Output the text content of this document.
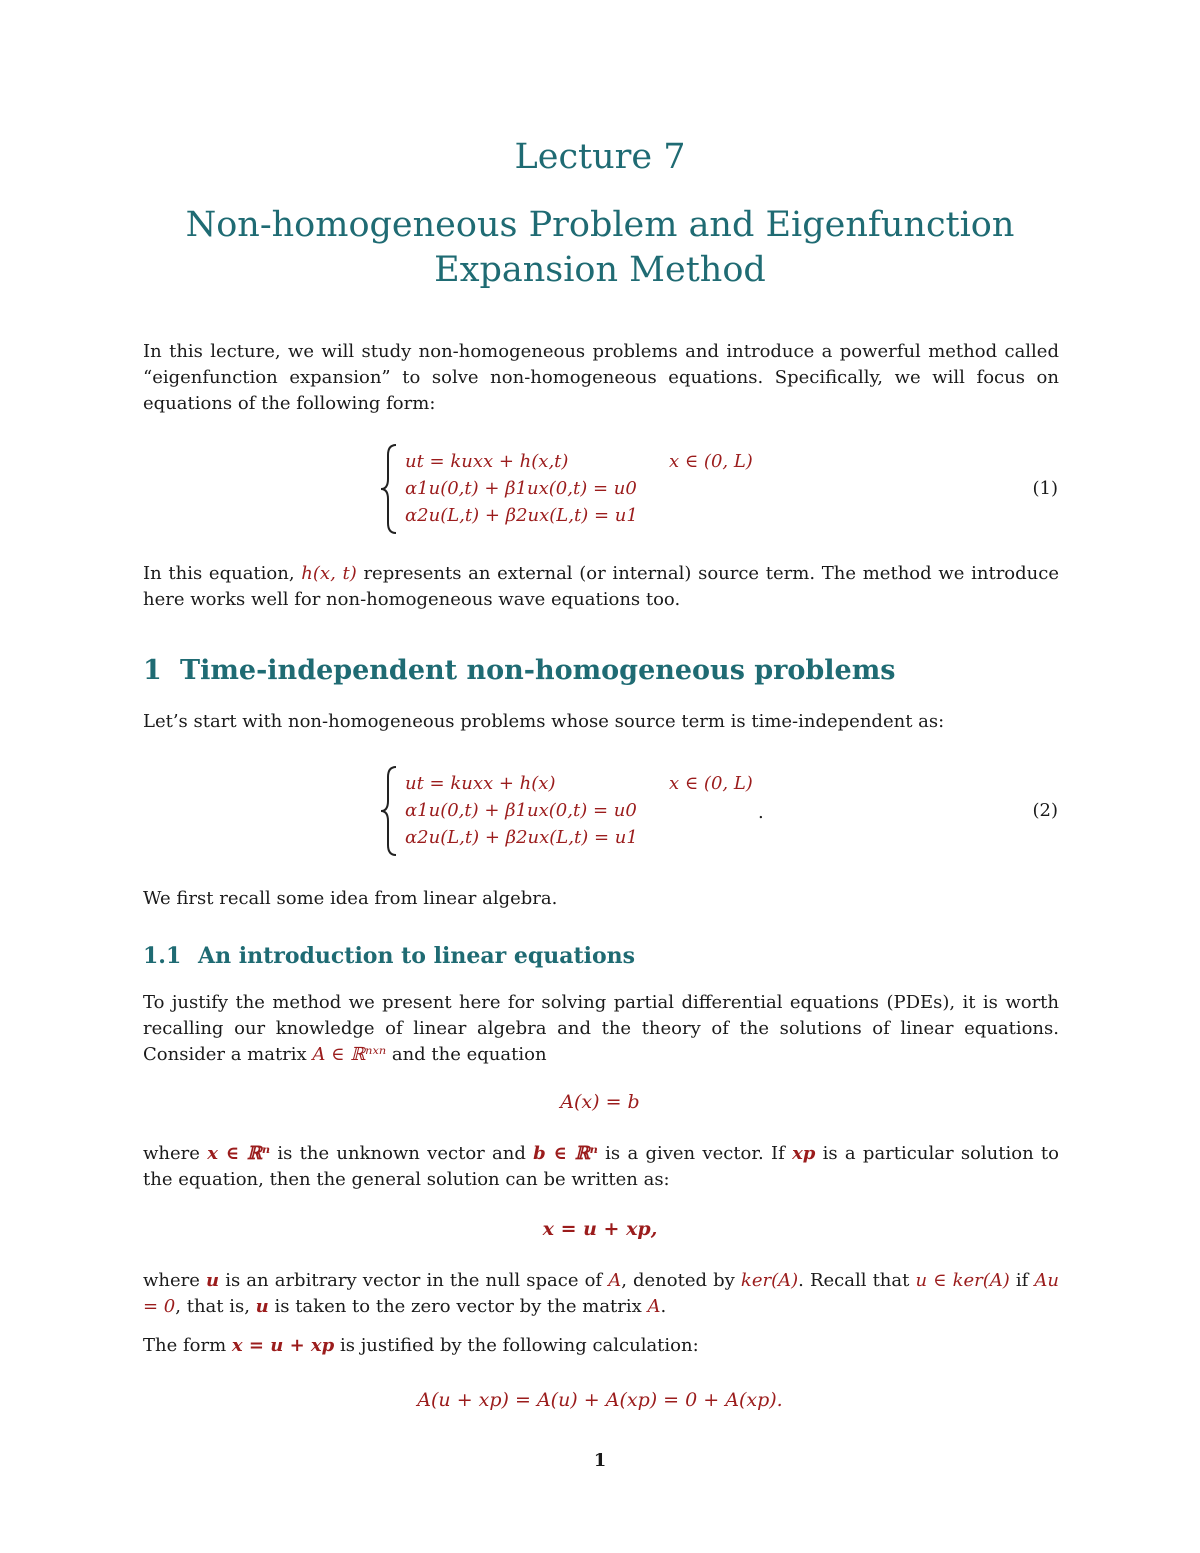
Lecture 7
Non-homogeneous Problem and Eigenfunction
Expansion Method

In this lecture, we will study non-homogeneous problems and introduce a powerful method called “eigenfunction expansion” to solve non-homogeneous equations. Specifically, we will focus on equations of the following form:

ut = kuxx + h(x,t)	x ∈ (0, L)
α1u(0,t) + β1ux(0,t) = u0
α2u(L,t) + β2ux(L,t) = u1
(1)

In this equation, h(x, t) represents an external (or internal) source term. The method we introduce here works well for non-homogeneous wave equations too.

1 Time-independent non-homogeneous problems

Let’s start with non-homogeneous problems whose source term is time-independent as:

ut = kuxx + h(x)	x ∈ (0, L)
α1u(0,t) + β1ux(0,t) = u0
α2u(L,t) + β2ux(L,t) = u1
.	(2)

We first recall some idea from linear algebra.

1.1 An introduction to linear equations

To justify the method we present here for solving partial differential equations (PDEs), it is worth recalling our knowledge of linear algebra and the theory of the solutions of linear equations. Consider a matrix A ∈ ℝⁿˣⁿ and the equation

A(x) = b

where x ∈ ℝⁿ is the unknown vector and b ∈ ℝⁿ is a given vector. If xp is a particular solution to the equation, then the general solution can be written as:

x = u + xp,

where u is an arbitrary vector in the null space of A, denoted by ker(A). Recall that u ∈ ker(A) if Au = 0, that is, u is taken to the zero vector by the matrix A.

The form x = u + xp is justified by the following calculation:

A(u + xp) = A(u) + A(xp) = 0 + A(xp).
1
